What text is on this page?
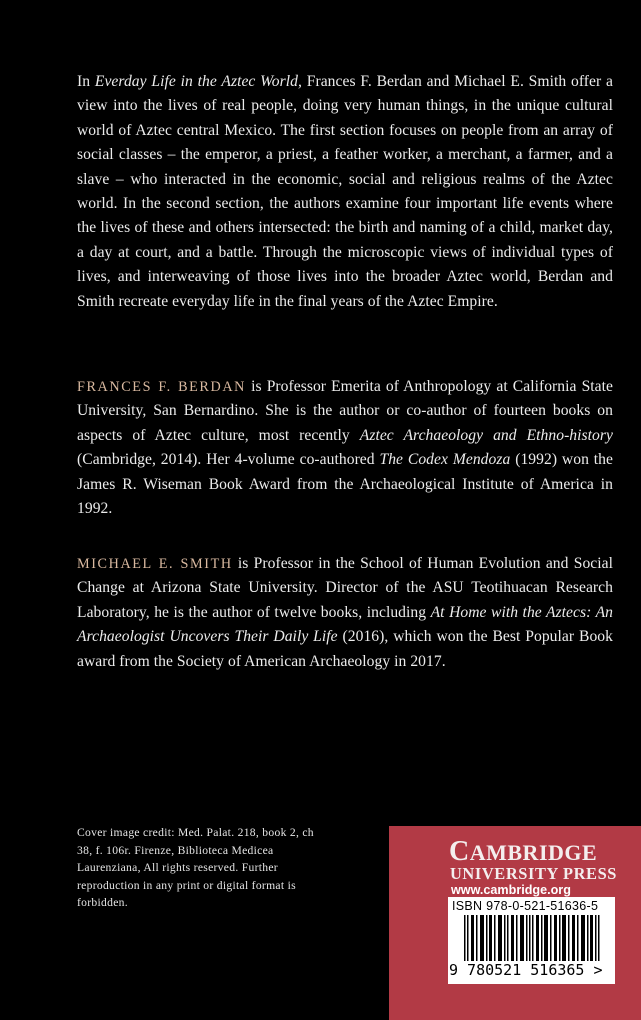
In Everday Life in the Aztec World, Frances F. Berdan and Michael E. Smith offer a view into the lives of real people, doing very human things, in the unique cultural world of Aztec central Mexico. The first section focuses on people from an array of social classes – the emperor, a priest, a feather worker, a merchant, a farmer, and a slave – who interacted in the economic, social and religious realms of the Aztec world. In the second section, the authors examine four important life events where the lives of these and others intersected: the birth and naming of a child, market day, a day at court, and a battle. Through the microscopic views of individual types of lives, and interweaving of those lives into the broader Aztec world, Berdan and Smith recreate everyday life in the final years of the Aztec Empire.
FRANCES F. BERDAN is Professor Emerita of Anthropology at California State University, San Bernardino. She is the author or co-author of fourteen books on aspects of Aztec culture, most recently Aztec Archaeology and Ethno-history (Cambridge, 2014). Her 4-volume co-authored The Codex Mendoza (1992) won the James R. Wiseman Book Award from the Archaeological Institute of America in 1992.
MICHAEL E. SMITH is Professor in the School of Human Evolution and Social Change at Arizona State University. Director of the ASU Teotihuacan Research Laboratory, he is the author of twelve books, including At Home with the Aztecs: An Archaeologist Uncovers Their Daily Life (2016), which won the Best Popular Book award from the Society of American Archaeology in 2017.
Cover image credit: Med. Palat. 218, book 2, ch 38, f. 106r. Firenze, Biblioteca Medicea Laurenziana, All rights reserved. Further reproduction in any print or digital format is forbidden.
CAMBRIDGE
UNIVERSITY PRESS
www.cambridge.org
ISBN 978-0-521-51636-5
9 780521 516365 >
